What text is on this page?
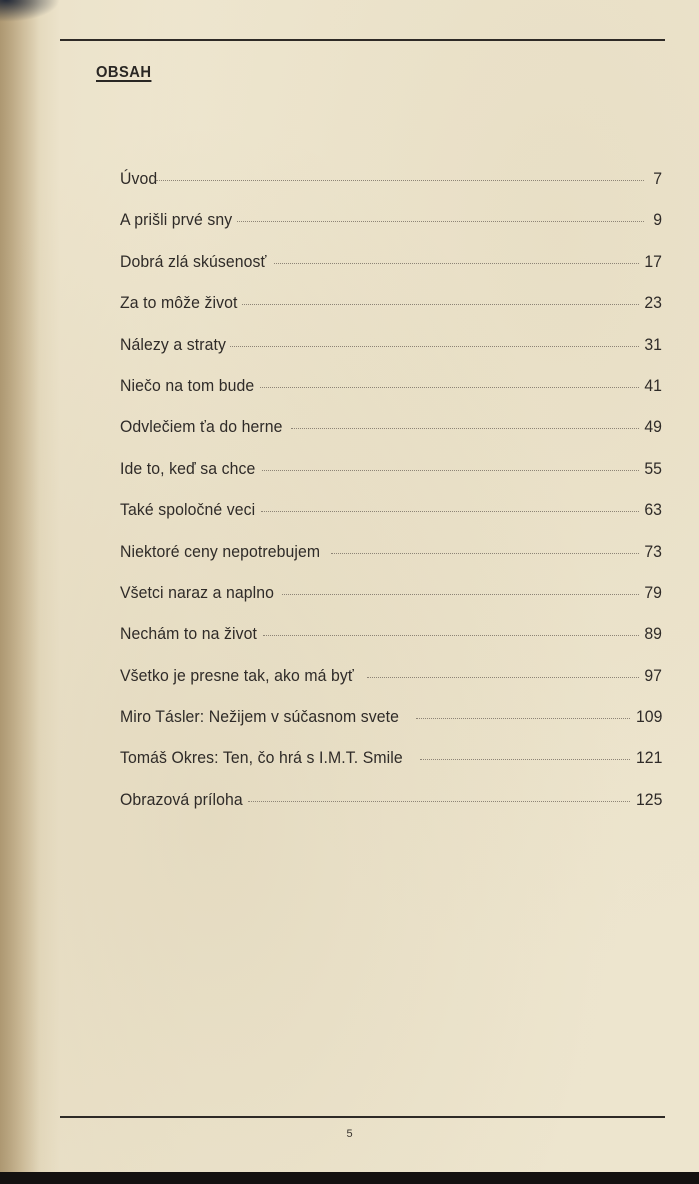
OBSAH
Úvod	7
A prišli prvé sny	9
Dobrá zlá skúsenosť	17
Za to môže život	23
Nálezy a straty	31
Niečo na tom bude	41
Odvlečiem ťa do herne	49
Ide to, keď sa chce	55
Také spoločné veci	63
Niektoré ceny nepotrebujem	73
Všetci naraz a naplno	79
Nechám to na život	89
Všetko je presne tak, ako má byť	97
Miro Tásler: Nežijem v súčasnom svete	109
Tomáš Okres: Ten, čo hrá s I.M.T. Smile	121
Obrazová príloha	125
5
